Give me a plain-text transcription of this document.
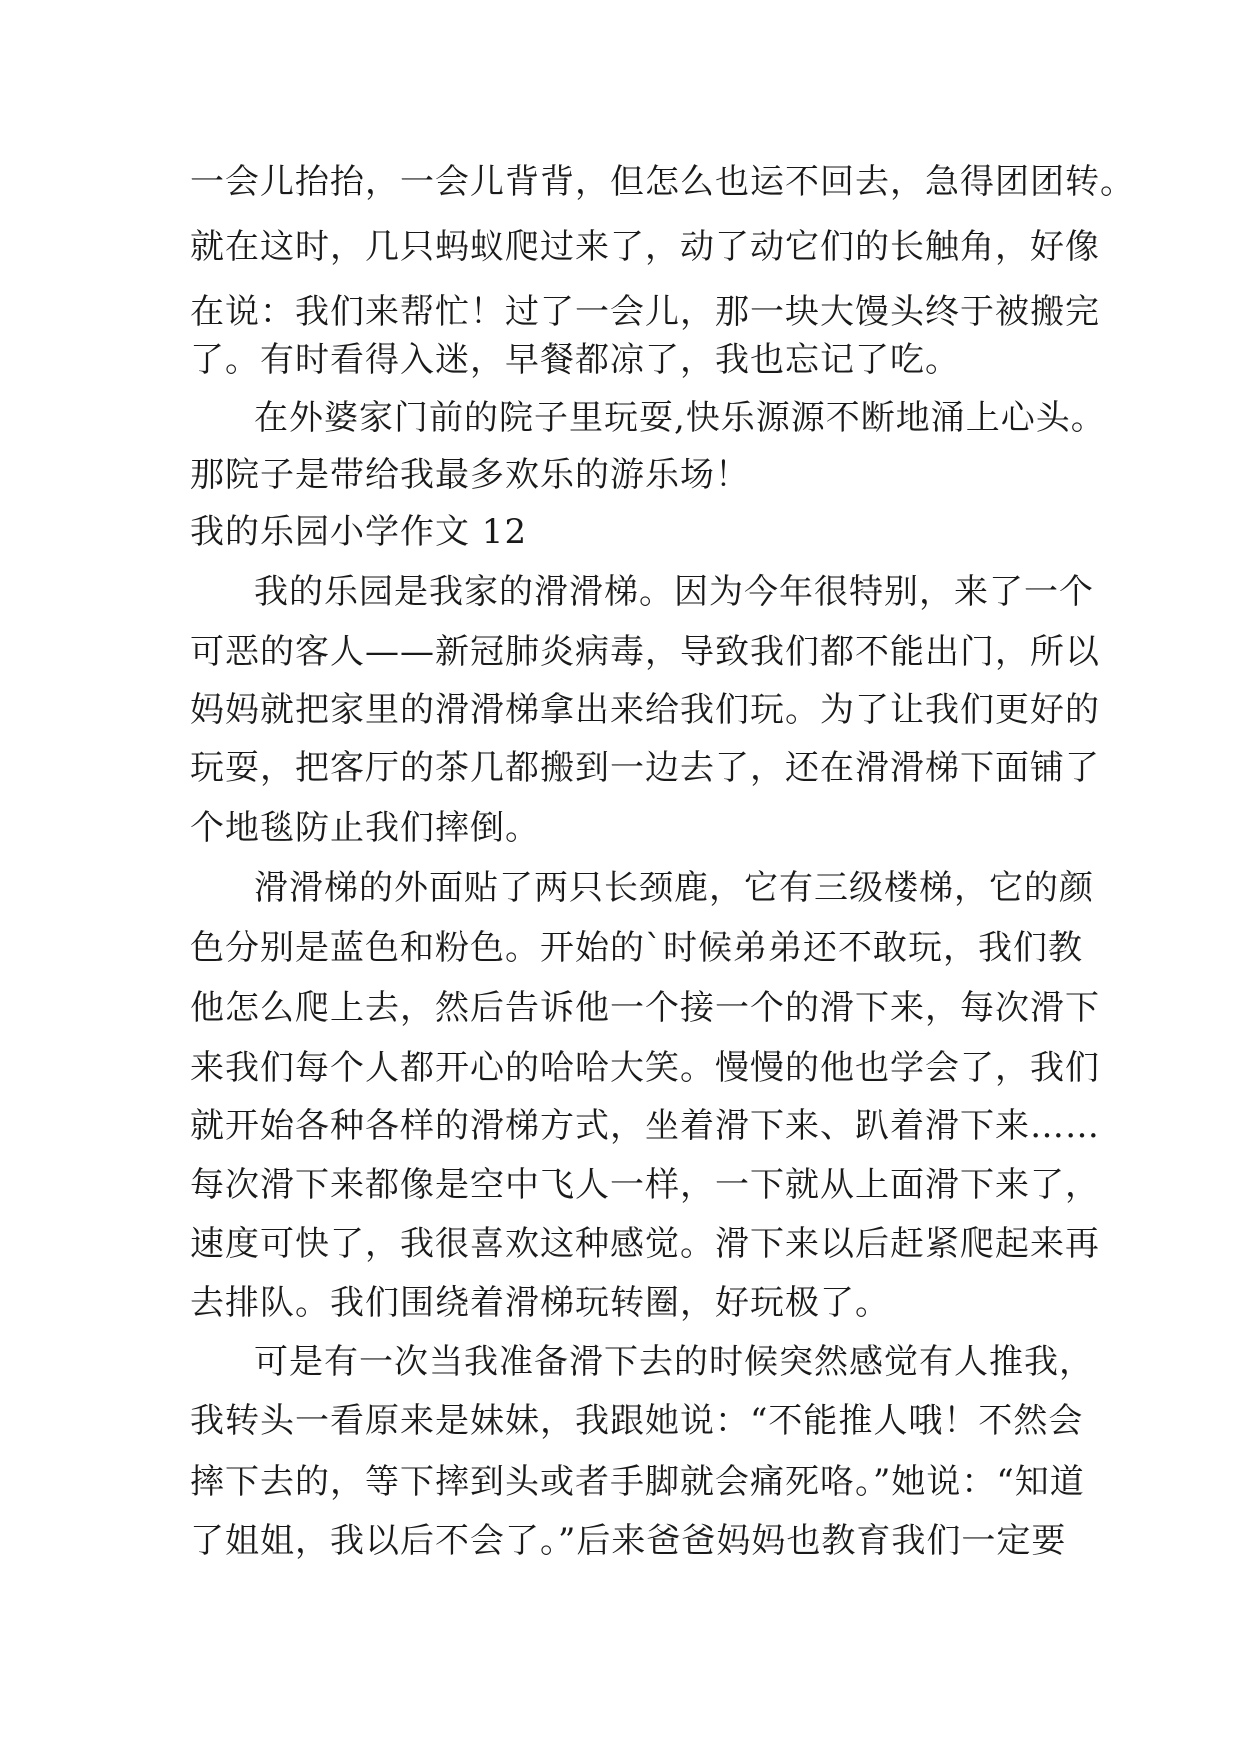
一会儿抬抬，一会儿背背，但怎么也运不回去，急得团团转。
就在这时，几只蚂蚁爬过来了，动了动它们的长触角，好像
在说：我们来帮忙！过了一会儿，那一块大馒头终于被搬完
了。有时看得入迷，早餐都凉了，我也忘记了吃。
在外婆家门前的院子里玩耍,快乐源源不断地涌上心头。
那院子是带给我最多欢乐的游乐场！
我的乐园小学作文 12
我的乐园是我家的滑滑梯。因为今年很特别，来了一个
可恶的客人——新冠肺炎病毒，导致我们都不能出门，所以
妈妈就把家里的滑滑梯拿出来给我们玩。为了让我们更好的
玩耍，把客厅的茶几都搬到一边去了，还在滑滑梯下面铺了
个地毯防止我们摔倒。
滑滑梯的外面贴了两只长颈鹿，它有三级楼梯，它的颜
色分别是蓝色和粉色。开始的`时候弟弟还不敢玩，我们教
他怎么爬上去，然后告诉他一个接一个的滑下来，每次滑下
来我们每个人都开心的哈哈大笑。慢慢的他也学会了，我们
就开始各种各样的滑梯方式，坐着滑下来、趴着滑下来……
每次滑下来都像是空中飞人一样，一下就从上面滑下来了，
速度可快了，我很喜欢这种感觉。滑下来以后赶紧爬起来再
去排队。我们围绕着滑梯玩转圈，好玩极了。
可是有一次当我准备滑下去的时候突然感觉有人推我，
我转头一看原来是妹妹，我跟她说：“不能推人哦！不然会
摔下去的，等下摔到头或者手脚就会痛死咯。”她说：“知道
了姐姐，我以后不会了。”后来爸爸妈妈也教育我们一定要
